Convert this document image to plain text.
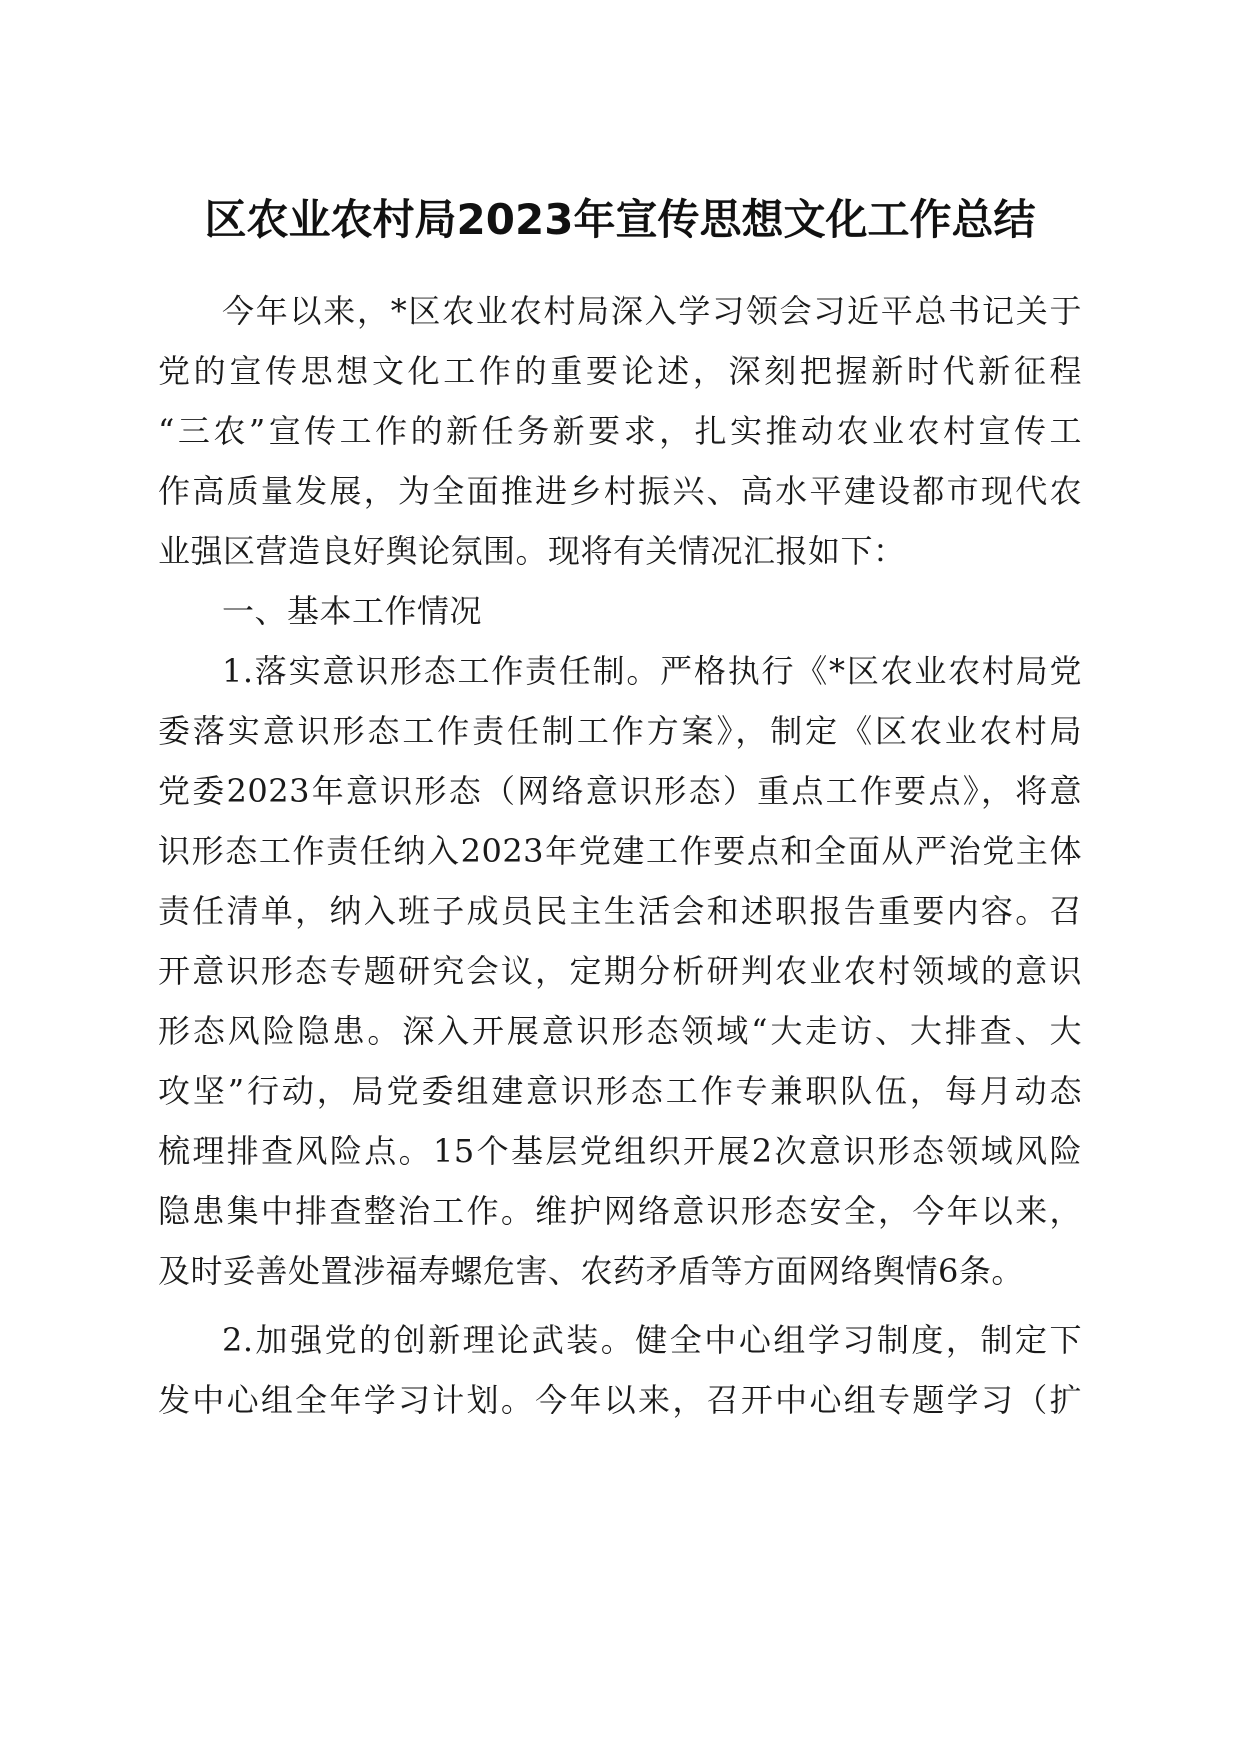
区农业农村局2023年宣传思想文化工作总结
今年以来，*区农业农村局深入学习领会习近平总书记关于
党的宣传思想文化工作的重要论述，深刻把握新时代新征程
“三农”宣传工作的新任务新要求，扎实推动农业农村宣传工
作高质量发展，为全面推进乡村振兴、高水平建设都市现代农
业强区营造良好舆论氛围。现将有关情况汇报如下：
一、基本工作情况
1.落实意识形态工作责任制。严格执行《*区农业农村局党
委落实意识形态工作责任制工作方案》，制定《区农业农村局
党委2023年意识形态（网络意识形态）重点工作要点》，将意
识形态工作责任纳入2023年党建工作要点和全面从严治党主体
责任清单，纳入班子成员民主生活会和述职报告重要内容。召
开意识形态专题研究会议，定期分析研判农业农村领域的意识
形态风险隐患。深入开展意识形态领域“大走访、大排查、大
攻坚”行动，局党委组建意识形态工作专兼职队伍，每月动态
梳理排查风险点。15个基层党组织开展2次意识形态领域风险
隐患集中排查整治工作。维护网络意识形态安全，今年以来，
及时妥善处置涉福寿螺危害、农药矛盾等方面网络舆情6条。
2.加强党的创新理论武装。健全中心组学习制度，制定下
发中心组全年学习计划。今年以来，召开中心组专题学习（扩
